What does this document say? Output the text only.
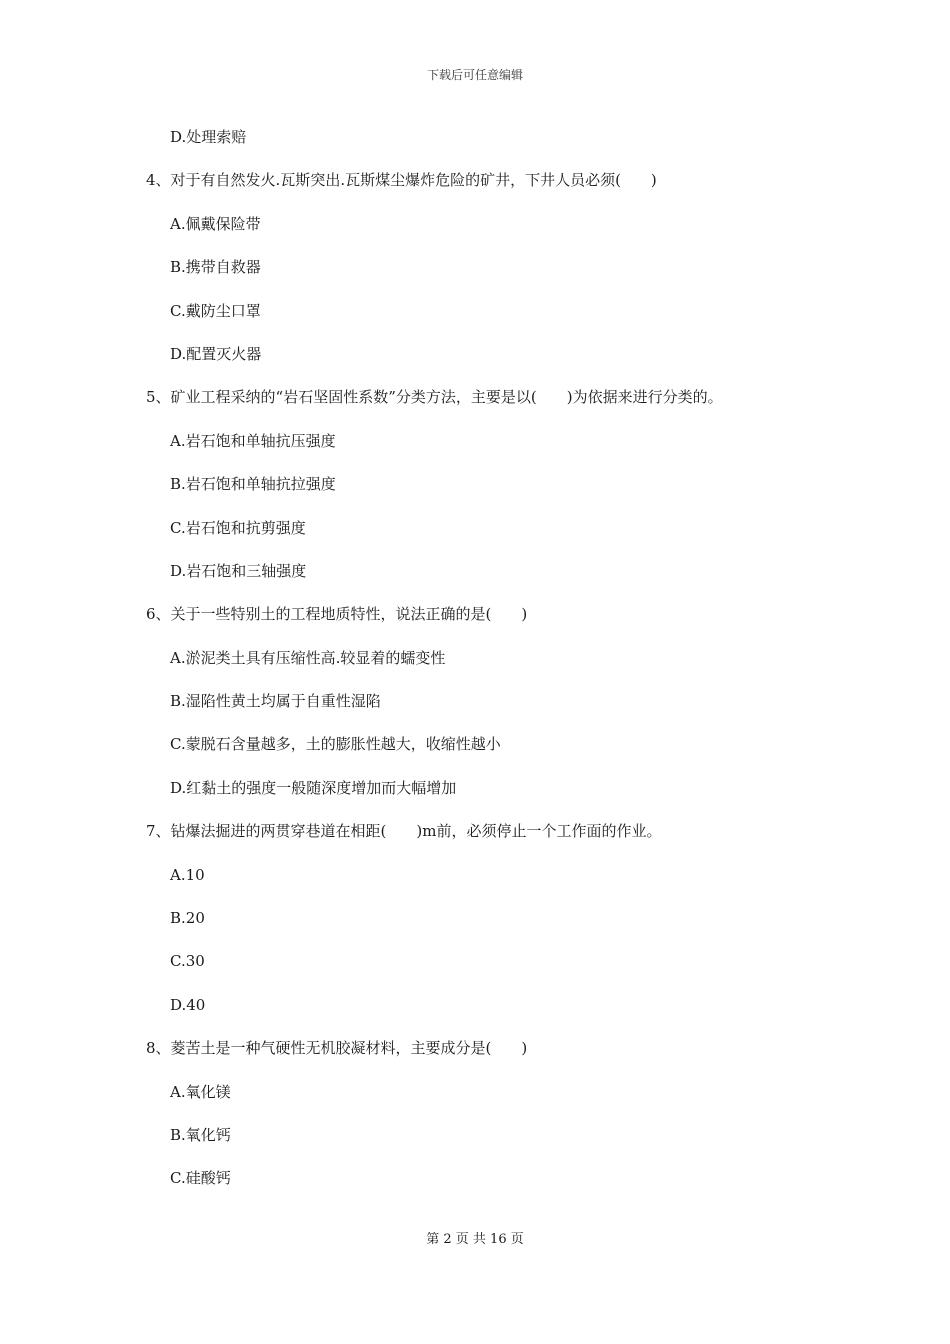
下载后可任意编辑
D.处理索赔
4、对于有自然发火.瓦斯突出.瓦斯煤尘爆炸危险的矿井，下井人员必须(　　)
A.佩戴保险带
B.携带自救器
C.戴防尘口罩
D.配置灭火器
5、矿业工程采纳的“岩石坚固性系数”分类方法，主要是以(　　)为依据来进行分类的。
A.岩石饱和单轴抗压强度
B.岩石饱和单轴抗拉强度
C.岩石饱和抗剪强度
D.岩石饱和三轴强度
6、关于一些特别土的工程地质特性，说法正确的是(　　)
A.淤泥类土具有压缩性高.较显着的蠕变性
B.湿陷性黄土均属于自重性湿陷
C.蒙脱石含量越多，土的膨胀性越大，收缩性越小
D.红黏土的强度一般随深度增加而大幅增加
7、钻爆法掘进的两贯穿巷道在相距(　　)m前，必须停止一个工作面的作业。
A.10
B.20
C.30
D.40
8、菱苦土是一种气硬性无机胶凝材料，主要成分是(　　)
A.氧化镁
B.氧化钙
C.硅酸钙
第 2 页 共 16 页
